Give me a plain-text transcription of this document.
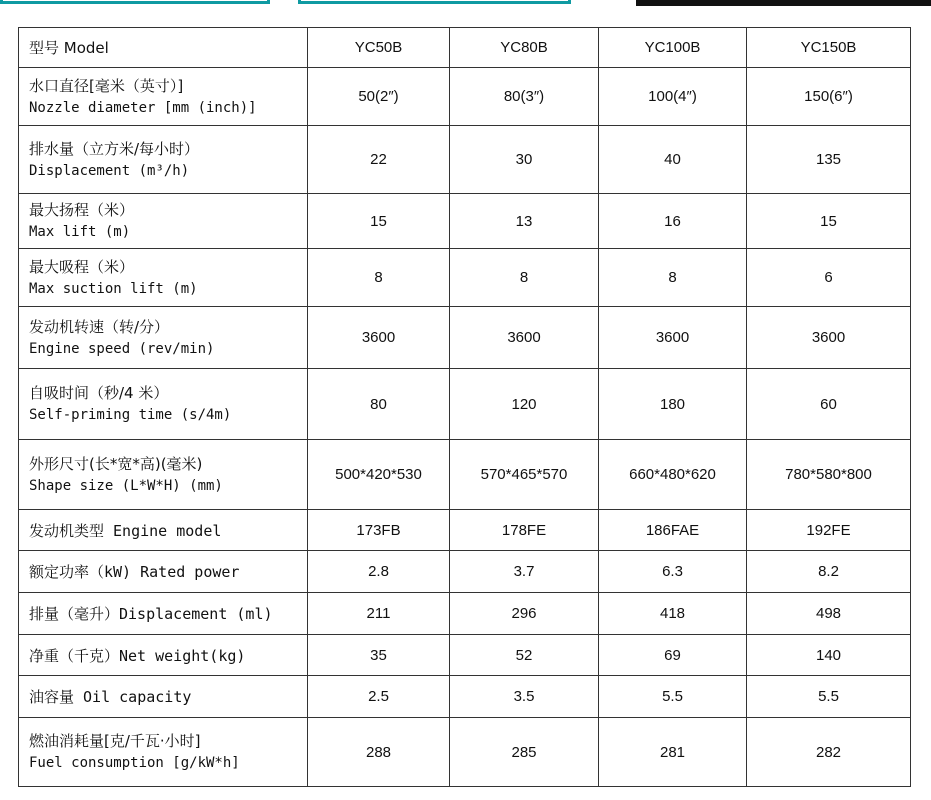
型号 Model	YC50B	YC80B	YC100B	YC150B

水口直径[毫米（英寸）]
Nozzle diameter [mm (inch)]	50(2″)	80(3″)	100(4″)	150(6″)

排水量（立方米/每小时）
Displacement (m³/h)	22	30	40	135

最大扬程（米）
Max lift (m)	15	13	16	15

最大吸程（米）
Max suction lift (m)	8	8	8	6

发动机转速（转/分）
Engine speed (rev/min)	3600	3600	3600	3600

自吸时间（秒/4 米）
Self-priming time (s/4m)	80	120	180	60

外形尺寸(长*宽*高)(毫米)
Shape size (L*W*H) (mm)	500*420*530	570*465*570	660*480*620	780*580*800
发动机类型 Engine model	173FB	178FE	186FAE	192FE
额定功率（kW) Rated power	2.8	3.7	6.3	8.2
排量（毫升）Displacement (ml)	211	296	418	498
净重（千克）Net weight(kg)	35	52	69	140
油容量 Oil capacity	2.5	3.5	5.5	5.5

燃油消耗量[克/千瓦·小时]
Fuel consumption [g/kW*h]	288	285	281	282
